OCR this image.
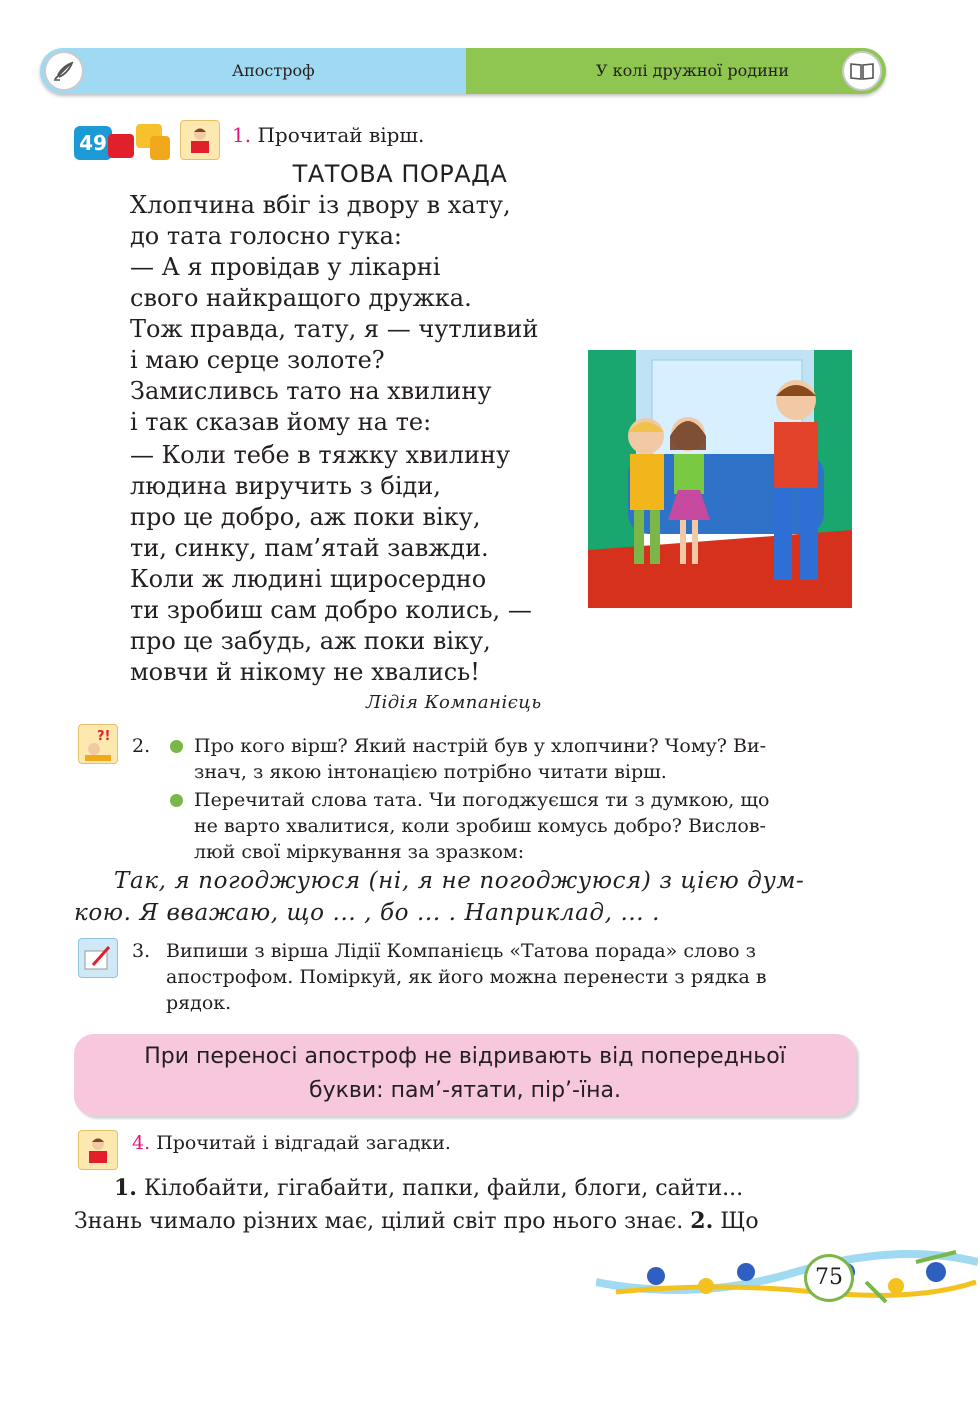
Апостроф	У колі дружної родини
49	1. Прочитай вірш.
ТАТОВА ПОРАДА
Хлопчина вбіг із двору в хату,
до тата голосно гука:
— А я провідав у лікарні
свого найкращого дружка.
Тож правда, тату, я — чутливий
і маю серце золоте?
Замисливсь тато на хвилину
і так сказав йому на те:
— Коли тебе в тяжку хвилину
людина виручить з біди,
про це добро, аж поки віку,
ти, синку, пам’ятай завжди.
Коли ж людині щиросердно
ти зробиш сам добро колись, —
про це забудь, аж поки віку,
мовчи й нікому не хвались!
Лідія Компанієць
?! 2. Про кого вірш? Який настрій був у хлопчини? Чому? Ви-
знач, з якою інтонацією потрібно читати вірш.
Перечитай слова тата. Чи погоджуєшся ти з думкою, що
не варто хвалитися, коли зробиш комусь добро? Вислов-
люй свої міркування за зразком:
Так, я погоджуюся (ні, я не погоджуюся) з цією дум-
кою. Я вважаю, що ... , бо ... . Наприклад, ... .
3. Випиши з вірша Лідії Компанієць «Татова порада» слово з
апострофом. Поміркуй, як його можна перенести з рядка в
рядок.
При переносі апостроф не відривають від попередньої
букви: пам’-ятати, пір’-їна.
4. Прочитай і відгадай загадки.
1. Кілобайти, гігабайти, папки, файли, блоги, сайти...
Знань чимало різних має, цілий світ про нього знає. 2. Що
75
